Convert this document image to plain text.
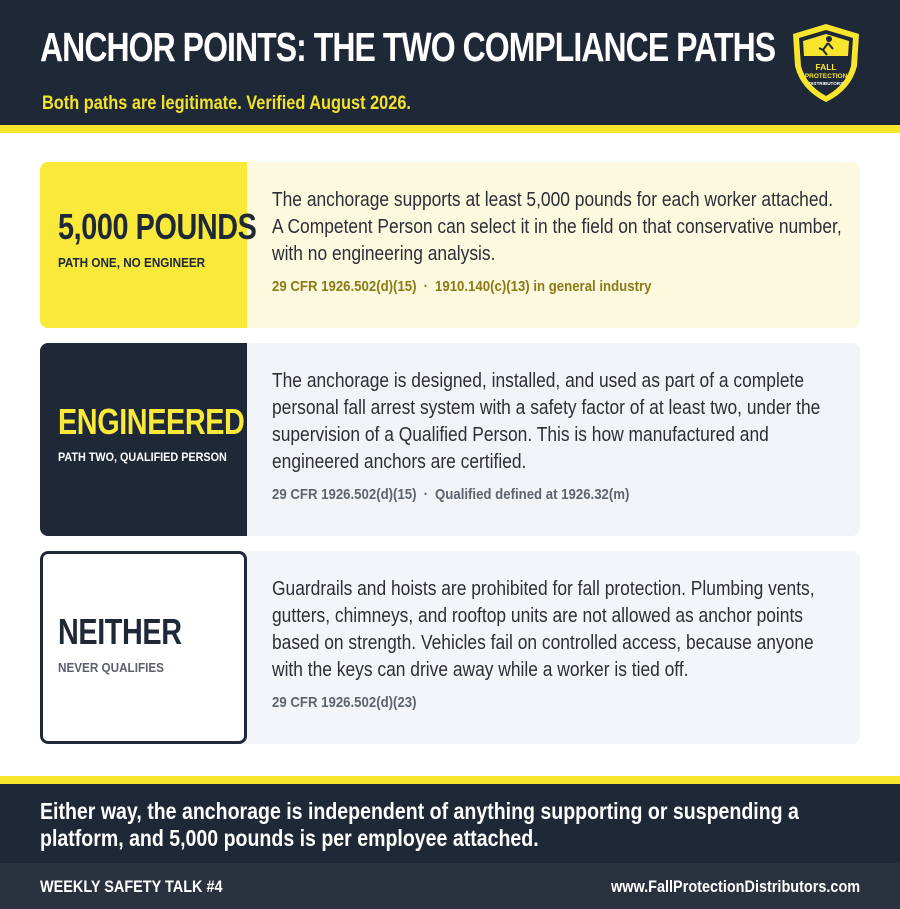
ANCHOR POINTS: THE TWO COMPLIANCE PATHS
Both paths are legitimate. Verified August 2026.
FALL
PROTECTION
DISTRIBUTORS
5,000 POUNDS
PATH ONE, NO ENGINEER
The anchorage supports at least 5,000 pounds for each worker attached.
A Competent Person can select it in the field on that conservative number,
with no engineering analysis.
29 CFR 1926.502(d)(15) · 1910.140(c)(13) in general industry
ENGINEERED
PATH TWO, QUALIFIED PERSON
The anchorage is designed, installed, and used as part of a complete
personal fall arrest system with a safety factor of at least two, under the
supervision of a Qualified Person. This is how manufactured and
engineered anchors are certified.
29 CFR 1926.502(d)(15) · Qualified defined at 1926.32(m)
NEITHER
NEVER QUALIFIES
Guardrails and hoists are prohibited for fall protection. Plumbing vents,
gutters, chimneys, and rooftop units are not allowed as anchor points
based on strength. Vehicles fail on controlled access, because anyone
with the keys can drive away while a worker is tied off.
29 CFR 1926.502(d)(23)
Either way, the anchorage is independent of anything supporting or suspending a
platform, and 5,000 pounds is per employee attached.
WEEKLY SAFETY TALK #4	www.FallProtectionDistributors.com
